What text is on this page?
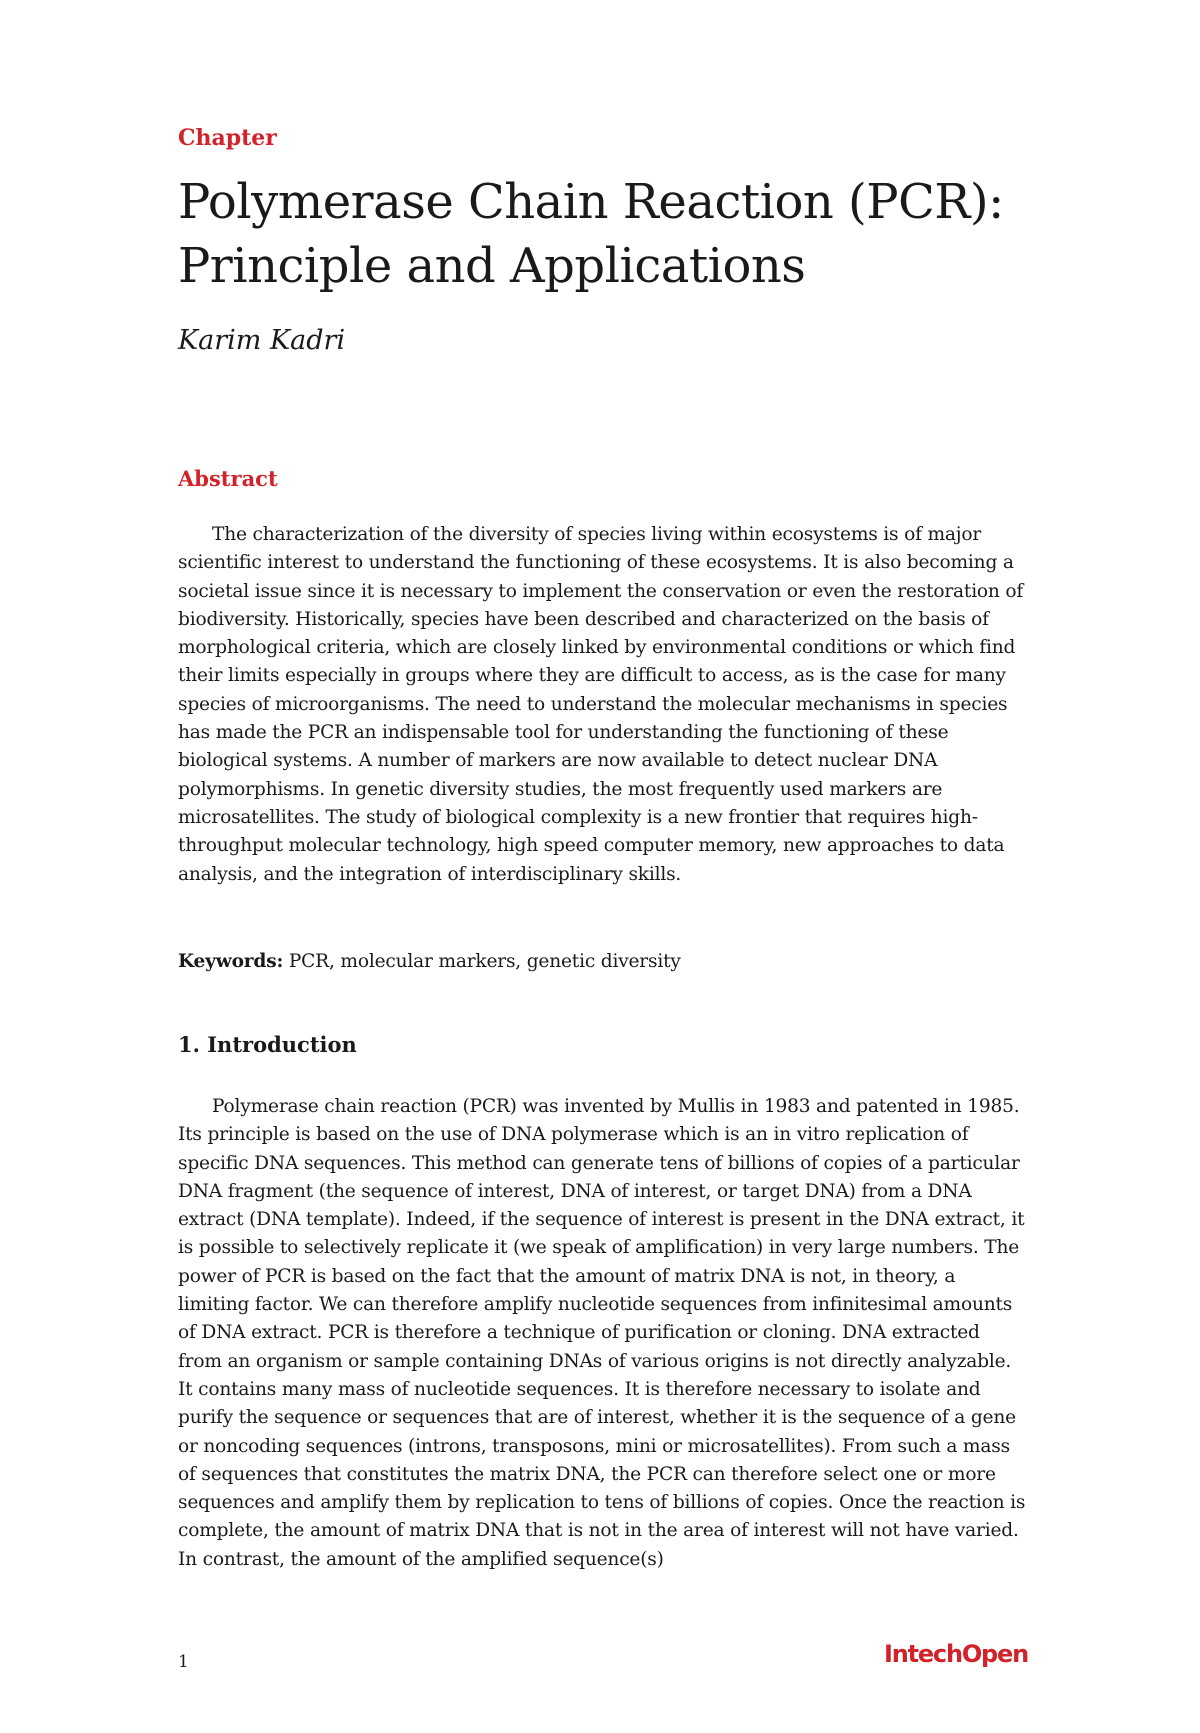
Chapter
Polymerase Chain Reaction (PCR): Principle and Applications
Karim Kadri
Abstract

The characterization of the diversity of species living within ecosystems is of major scientific interest to understand the functioning of these ecosystems. It is also becoming a societal issue since it is necessary to implement the conservation or even the restoration of biodiversity. Historically, species have been described and characterized on the basis of morphological criteria, which are closely linked by environmental conditions or which find their limits especially in groups where they are difficult to access, as is the case for many species of microorganisms. The need to understand the molecular mechanisms in species has made the PCR an indispensable tool for understanding the functioning of these biological systems. A number of markers are now available to detect nuclear DNA polymorphisms. In genetic diversity studies, the most frequently used markers are microsatellites. The study of biological complexity is a new frontier that requires high-throughput molecular technology, high speed computer memory, new approaches to data analysis, and the integration of interdisciplinary skills.

Keywords: PCR, molecular markers, genetic diversity

1. Introduction

Polymerase chain reaction (PCR) was invented by Mullis in 1983 and patented in 1985. Its principle is based on the use of DNA polymerase which is an in vitro replication of specific DNA sequences. This method can generate tens of billions of copies of a particular DNA fragment (the sequence of interest, DNA of interest, or target DNA) from a DNA extract (DNA template). Indeed, if the sequence of interest is present in the DNA extract, it is possible to selectively replicate it (we speak of amplification) in very large numbers. The power of PCR is based on the fact that the amount of matrix DNA is not, in theory, a limiting factor. We can therefore amplify nucleotide sequences from infinitesimal amounts of DNA extract. PCR is therefore a technique of purification or cloning. DNA extracted from an organism or sample containing DNAs of various origins is not directly analyzable. It contains many mass of nucleotide sequences. It is therefore necessary to isolate and purify the sequence or sequences that are of interest, whether it is the sequence of a gene or noncoding sequences (introns, transposons, mini or microsatellites). From such a mass of sequences that constitutes the matrix DNA, the PCR can therefore select one or more sequences and amplify them by replication to tens of billions of copies. Once the reaction is complete, the amount of matrix DNA that is not in the area of interest will not have varied. In contrast, the amount of the amplified sequence(s)

1	IntechOpen
